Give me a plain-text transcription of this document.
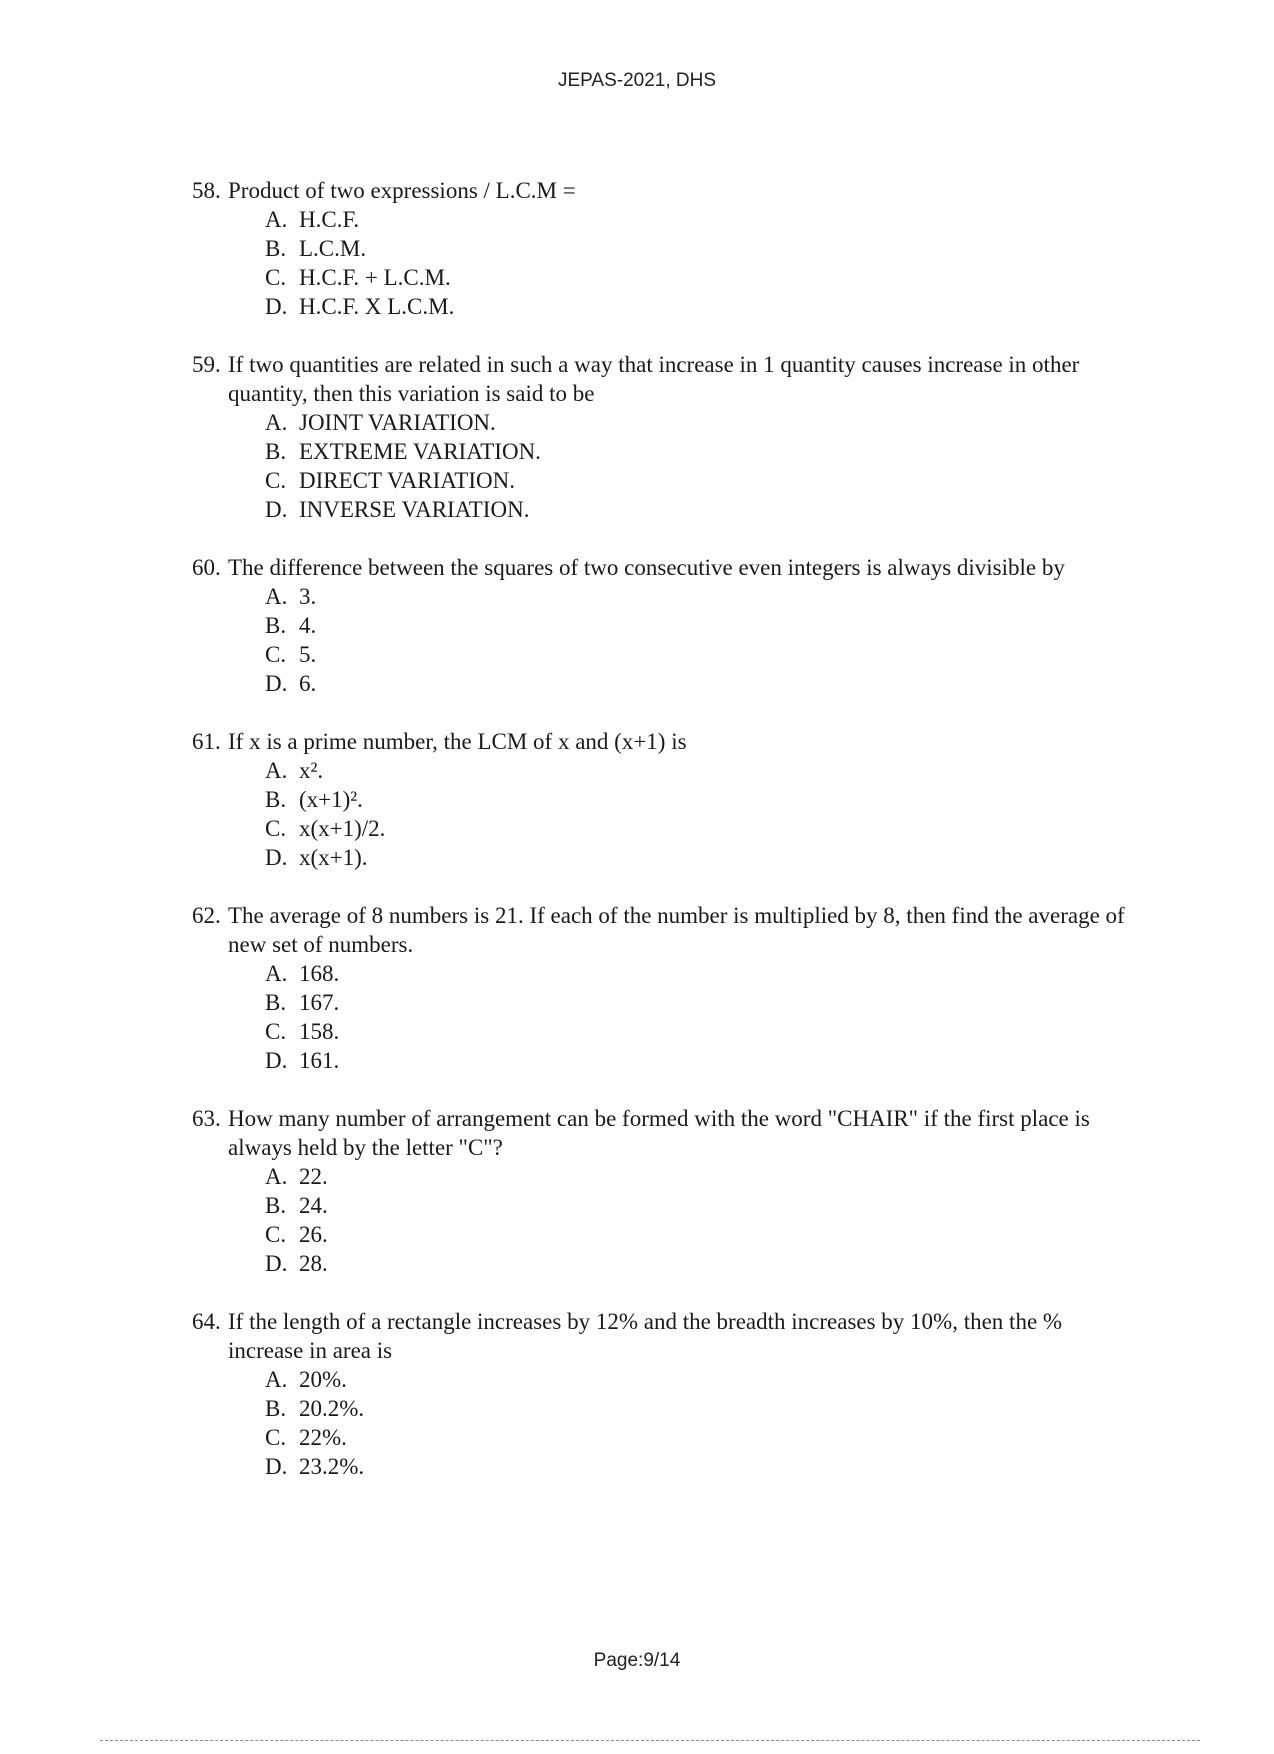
JEPAS-2021, DHS
58. Product of two expressions / L.C.M =
A. H.C.F.
B. L.C.M.
C. H.C.F. + L.C.M.
D. H.C.F. X L.C.M.
59. If two quantities are related in such a way that increase in 1 quantity causes increase in other quantity, then this variation is said to be
A. JOINT VARIATION.
B. EXTREME VARIATION.
C. DIRECT VARIATION.
D. INVERSE VARIATION.
60. The difference between the squares of two consecutive even integers is always divisible by
A. 3.
B. 4.
C. 5.
D. 6.
61. If x is a prime number, the LCM of x and (x+1) is
A. x².
B. (x+1)².
C. x(x+1)/2.
D. x(x+1).
62. The average of 8 numbers is 21. If each of the number is multiplied by 8, then find the average of new set of numbers.
A. 168.
B. 167.
C. 158.
D. 161.
63. How many number of arrangement can be formed with the word "CHAIR" if the first place is always held by the letter "C"?
A. 22.
B. 24.
C. 26.
D. 28.
64. If the length of a rectangle increases by 12% and the breadth increases by 10%, then the % increase in area is
A. 20%.
B. 20.2%.
C. 22%.
D. 23.2%.
Page:9/14
